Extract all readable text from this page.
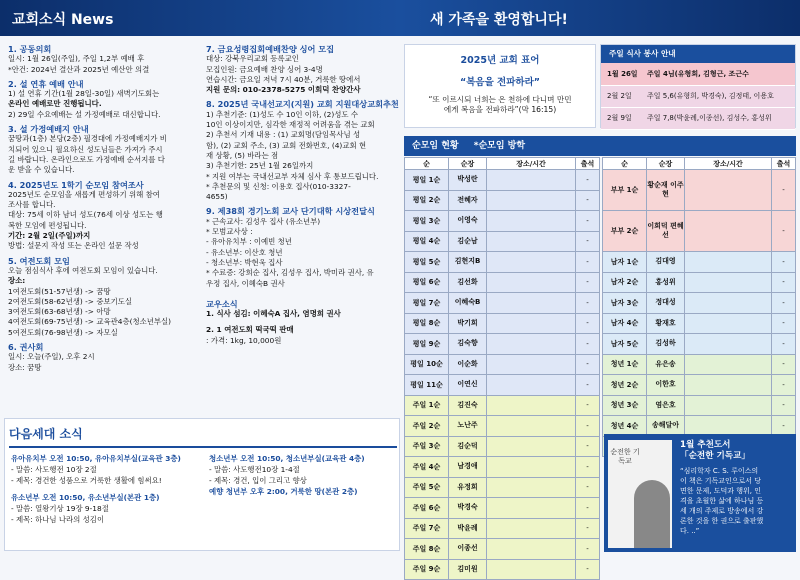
교회소식 News	새 가족을 환영합니다!
1. 공동의회
일시: 1월 26일(주일), 주일 1,2부 예배 후
*안건: 2024년 결산과 2025년 예산안 의결
2. 설 연휴 예배 안내
1) 설 연휴 기간(1월 28일-30일) 새벽기도회는
온라인 예배로만 진행됩니다.
2) 29일 수요예배는 설 가정예배로 대신합니다.
3. 설 가정예배지 안내
꿈땅과(1층) 본당(2층) 필경대에 가정예배지가 비
치되어 있으니 필요하신 성도님들은 가져가 주시
길 바랍니다. 온라인으로도 가정예배 순서지를 다
운 받을 수 있습니다.
4. 2025년도 1학기 순모임 참여조사
2025년도 순모임을 새롭게 편성하기 위해 참여
조사를 합니다.
대상: 75세 이하 남녀 성도(76세 이상 성도는 행
복한 모임에 편성됩니다.
기간: 2월 2일(주일)까지
방법: 설문지 작성 또는 온라인 설문 작성
5. 여전도회 모임
오늘 점심식사 후에 여전도회 모임이 있습니다.
장소:
1여전도회(51-57년생) -> 꿈땅
2여전도회(58-62년생) -> 중보기도실
3여전도회(63-68년생) -> 아망
4여전도회(69-75년생) -> 교육관4층(청소년부실)
5여전도회(76-98년생) -> 자모실
6. 권사회
일시: 오늘(주일), 오후 2시
장소: 꿈땅
7. 금요성령집회예배찬양 싱어 모집
대상: 강북우리교회 등록교인
모집인원: 금요예배 찬양 싱어 3-4명
연습시간: 금요일 저녁 7시 40분, 거룩한 땅에서
지원 문의: 010-2378-5275 이회덕 찬양간사
8. 2025년 국내선교지(지원) 교회 지원대상교회추천
1) 추천기준: (1)성도 수 10인 이하, (2)성도 수
10인 이상이지만, 심각한 재정적 어려움을 겪는 교회
2) 추천서 기재 내용 : (1) 교회명(담임목사님 성
함), (2) 교회 주소, (3) 교회 전화번호, (4)교회 현
재 상황, (5) 바라는 점
3) 추천기한: 25년 1월 26일까지
* 지원 여부는 국내선교부 자체 심사 후 통보드립니다.
* 추천문의 및 신청: 이용호 집사(010-3327-
4655)
9. 제38회 경기노회 교사 단기대학 시상전달식
* 근속교사: 김성우 집사 (유소년부)
* 모범교사상 :
- 유아유치부 : 이예빈 청년
- 유소년부: 이산호 청년
- 청소년부: 박현욱 집사
* 수료증: 강희순 집사, 김성우 집사, 박미라 권사, 유
우정 집사, 이혜숙B 권사
교우소식
1. 식사 섬김: 이혜숙A 집사, 염명희 권사
2. 1 여전도회 떡국떡 판매
: 가격: 1kg, 10,000원
다음세대 소식
유아유치부 오전 10:50, 유아유치부실(교육관 3층)
- 말씀: 사도행전 10장 2절
- 제목: 경건한 성품으로 거룩한 생활에 힘써요!
유소년부 오전 10:50, 유소년부실(본관 1층)
- 말씀: 열왕기상 19장 9-18절
- 제목: 하나님 나라의 성김이
청소년부 오전 10:50, 청소년부실(교육관 4층)
- 말씀: 사도행전10장 1-4절
- 제목: 경건, 입이 그리고 향상
예향 청년부 오후 2:00, 거룩한 땅(본관 2층)
2025년 교회 표어
“복음을 전파하라”
“또 이르시되 너희는 온 천하에 다니며 만민
에게 복음을 전파하라”(막 16:15)
주일 식사 봉사 안내
1월 26일	주일 4님(유형희, 김형근, 조근수
2월 2일	주일 5,6(유형희, 박경숙), 김정태, 이용호
2월 9일	주일 7,8(박윤례,이종선), 김성수, 홍성위
순모임 현황 *순모임 방학
순	순장	장소/시간	출석
평일 1순	박성란		-
평일 2순	전혜자		-
평일 3순	이영숙		-
평일 4순	김순남		-
평일 5순	김현지B		-
평일 6순	김선화		-
평일 7순	이혜숙B		-
평일 8순	박기희		-
평일 9순	김숙향		-
평일 10순	이순화		-
평일 11순	이연신		-
주일 1순	김진숙		-
주일 2순	노난주		-
주일 3순	김순덕		-
주일 4순	남경애		-
주일 5순	유정희		-
주일 6순	박경숙		-
주일 7순	박윤례		-
주일 8순	이종선		-
주일 9순	김미원		-
순	순장	장소/시간	출석
부부 1순	황순재 이주현		-
부부 2순	이희덕 편혜선		-
남자 1순	김대영		-
남자 2순	홍성위		-
남자 3순	정대성		-
남자 4순	황재호		-
남자 5순	김성하		-
청년 1순	유은송		-
청년 2순	이한호		-
청년 3순	염은호		-
청년 4순	송해달아		-

순전한 기독교
1월 추천도서
「순전한 기독교」
“심리학자 C. S. 루이스의
이 책은 기독교인으로서 당
면한 문제, 도덕과 행위, 인
격을 초월한 삶에 하나님 등
세 개의 주제로 방송에서 강
론한 것을 한 권으로 출판했
다. ..”
